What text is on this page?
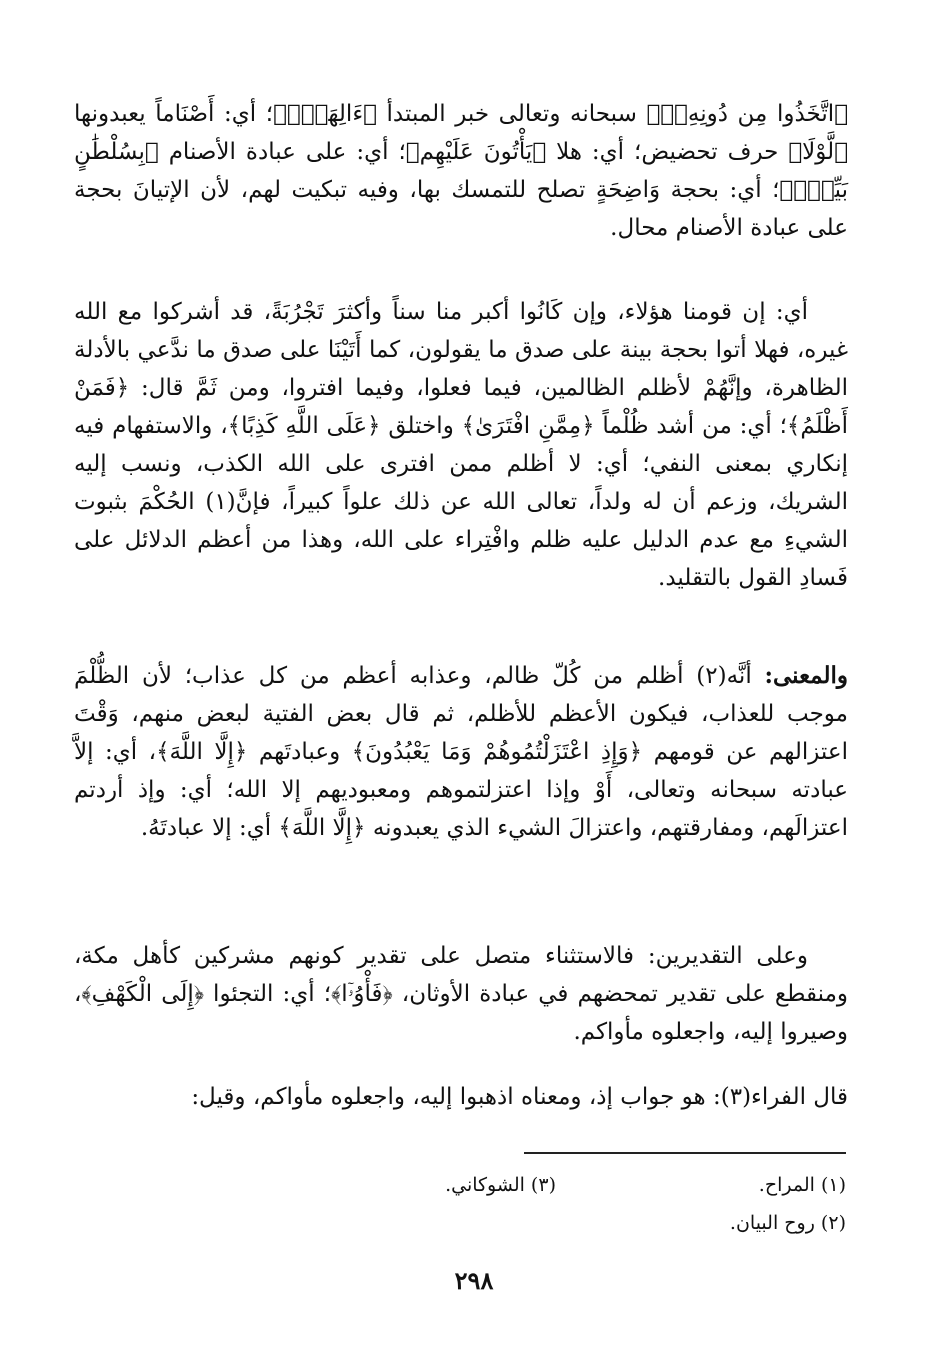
﴿اتَّخَذُوا مِن دُونِهِۦٓ﴾ سبحانه وتعالى خبر المبتدأ ﴿ءَالِهَةًۖ﴾؛ أي: أَصْنَاماً يعبدونها ﴿لَّوْلَا﴾ حرف تحضيض؛ أي: هلا ﴿يَأْتُونَ عَلَيْهِم﴾؛ أي: على عبادة الأصنام ﴿بِسُلْطَٰنٍ بَيِّنٍۖ﴾؛ أي: بحجة وَاضِحَةٍ تصلح للتمسك بها، وفيه تبكيت لهم، لأن الإتيانَ بحجة على عبادة الأصنام محال.

أي: إن قومنا هؤلاء، وإن كَانُوا أكبر منا سناً وأكثرَ تَجْرُبَةً، قد أشركوا مع الله غيره، فهلا أتوا بحجة بينة على صدق ما يقولون، كما أَتَيْنَا على صدق ما ندَّعي بالأدلة الظاهرة، وإنَّهُمْ لأظلم الظالمين، فيما فعلوا، وفيما افتروا، ومن ثَمَّ قال: ﴿فَمَنْ أَظْلَمُ﴾؛ أي: من أشد ظُلْماً ﴿مِمَّنِ افْتَرَىٰ﴾ واختلق ﴿عَلَى اللَّهِ كَذِبًا﴾، والاستفهام فيه إنكاري بمعنى النفي؛ أي: لا أظلم ممن افترى على الله الكذب، ونسب إليه الشريك، وزعم أن له ولداً، تعالى الله عن ذلك علواً كبيراً، فإنَّ(١) الحُكْمَ بثبوت الشيءِ مع عدم الدليل عليه ظلم وافْتِراء على الله، وهذا من أعظم الدلائل على فَسادِ القول بالتقليد.

والمعنى: أنَّه(٢) أظلم من كُلّ ظالم، وعذابه أعظم من كل عذاب؛ لأن الظُّلْمَ موجب للعذاب، فيكون الأعظم للأظلم، ثم قال بعض الفتية لبعض منهم، وَقْتَ اعتزالهم عن قومهم ﴿وَإِذِ اعْتَزَلْتُمُوهُمْ وَمَا يَعْبُدُونَ﴾ وعبادتَهم ﴿إِلَّا اللَّهَ﴾، أي: إلاَّ عبادته سبحانه وتعالى، أَوْ وإذا اعتزلتموهم ومعبوديهم إلا الله؛ أي: وإذ أردتم اعتزالَهم، ومفارقتهم، واعتزالَ الشيء الذي يعبدونه ﴿إِلَّا اللَّهَ﴾ أي: إلا عبادتَهُ.

وعلى التقديرين: فالاستثناء متصل على تقدير كونهم مشركين كأهل مكة، ومنقطع على تقدير تمحضهم في عبادة الأوثان، ﴿فَأْوُۥٓا﴾؛ أي: التجئوا ﴿إِلَى الْكَهْفِ﴾، وصيروا إليه، واجعلوه مأواكم.

قال الفراء(٣): هو جواب إذ، ومعناه اذهبوا إليه، واجعلوه مأواكم، وقيل:

(١) المراح.
(٣) الشوكاني.
(٢) روح البيان.
٢٩٨
